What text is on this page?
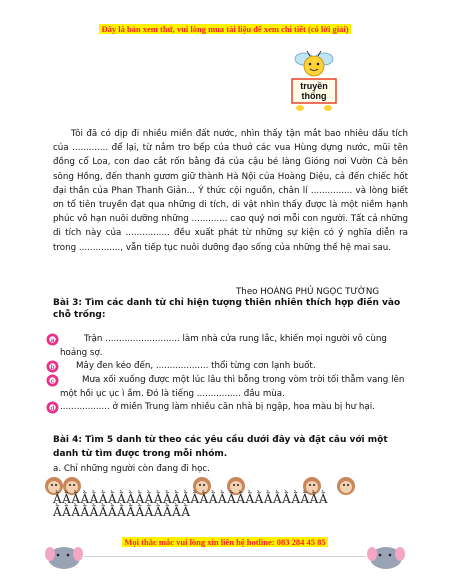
Đây là bản xem thử, vui lòng mua tài liệu để xem chi tiết (có lời giải)
truyền
thống

Tôi đã có dịp đi nhiều miền đất nước, nhìn thấy tận mắt bao nhiêu dấu tích của ............. để lại, từ nắm tro bếp của thuở các vua Hùng dựng nước, mũi tên đồng cổ Loa, con dao cắt rốn bằng đá của cậu bé làng Gióng nơi Vườn Cà bên sông Hồng, đến thanh gươm giữ thành Hà Nội của Hoàng Diệu, cả đến chiếc hốt đại thần của Phan Thanh Giản... Ý thức cội nguồn, chân lí ............... và lòng biết ơn tổ tiên truyền đạt qua những di tích, di vật nhìn thấy được là một niềm hạnh phúc vô hạn nuôi dưỡng những ............. cao quý nơi mỗi con người. Tất cả những di tích này của ................ đều xuất phát từ những sự kiện có ý nghĩa diễn ra trong ..............., vẫn tiếp tục nuôi dưỡng đạo sống của những thế hệ mai sau.

Theo HOÀNG PHỦ NGỌC TƯỜNG
Bài 3: Tìm các danh từ chỉ hiện tượng thiên nhiên thích hợp điền vào chỗ trống:
a	Trận ........................... làm nhà cửa rung lắc, khiến mọi người vô cùng hoảng sợ.
b	Mây đen kéo đến, ................... thổi từng cơn lạnh buốt.
c	Mưa xối xuống được một lúc lâu thì bỗng trong vòm trời tối thẫm vang lên một hồi ục ục ì ầm. Đó là tiếng ................ đầu mùa.
d .................. ở miền Trung làm nhiều căn nhà bị ngập, hoa màu bị hư hại.
Bài 4: Tìm 5 danh từ theo các yêu cầu dưới đây và đặt câu với một danh từ tìm được trong mỗi nhóm.
a. Chỉ những người còn đang đi học.
ẰẰẰẰẰẰẰẰẰẰẰẰẰẰẰẰẰẰẰẰẰẰẰẰẰẰẰẰẰẰ
ẰẰẰẰẰẰẰẰẰẰẰẰẰẰẰ
Mọi thắc mắc vui lòng xin liên hệ hotline: 083 284 45 85
